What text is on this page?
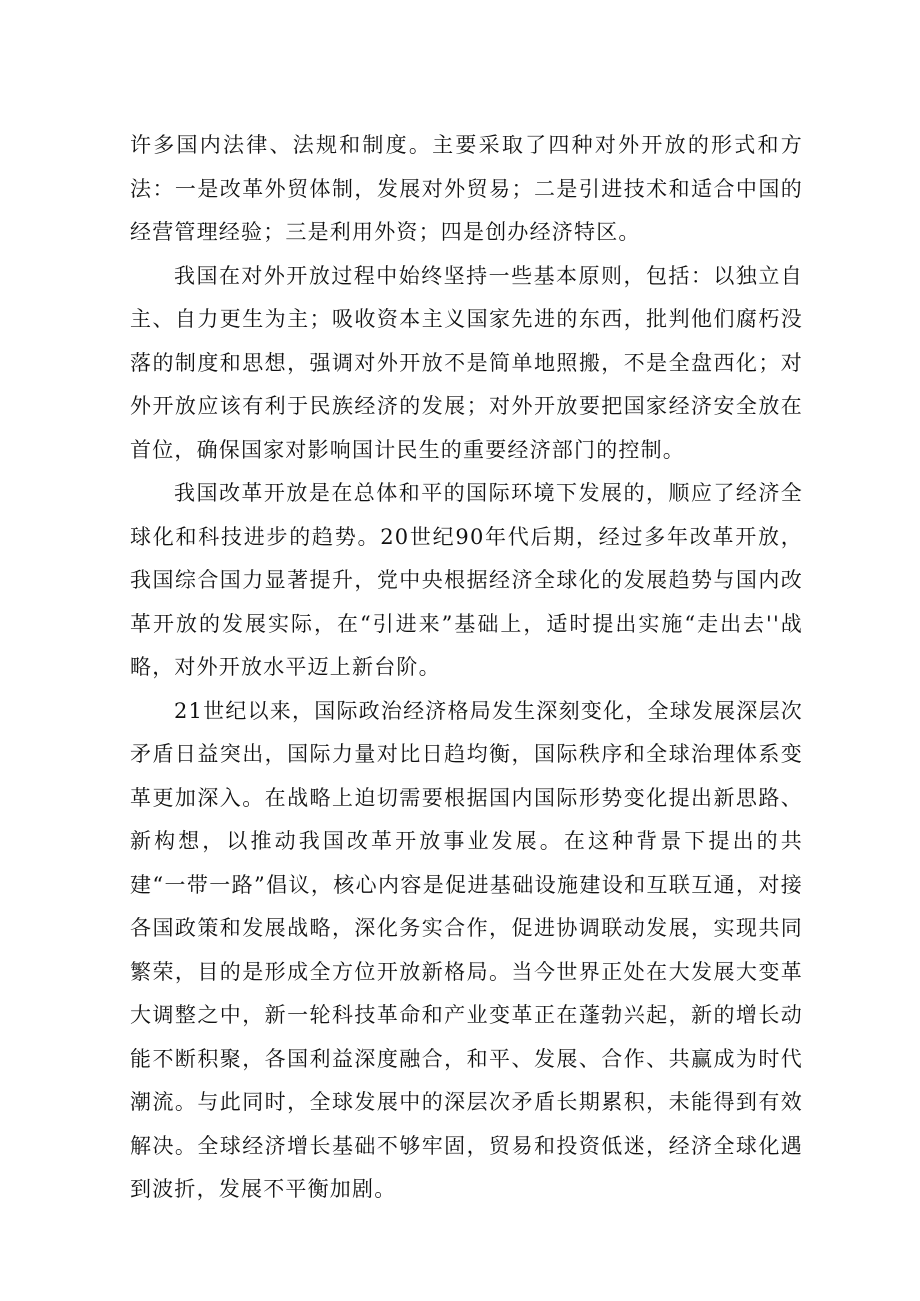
许多国内法律、法规和制度。主要采取了四种对外开放的形式和方法：一是改革外贸体制，发展对外贸易；二是引进技术和适合中国的经营管理经验；三是利用外资；四是创办经济特区。

我国在对外开放过程中始终坚持一些基本原则，包括：以独立自主、自力更生为主；吸收资本主义国家先进的东西，批判他们腐朽没落的制度和思想，强调对外开放不是简单地照搬，不是全盘西化；对外开放应该有利于民族经济的发展；对外开放要把国家经济安全放在首位，确保国家对影响国计民生的重要经济部门的控制。

我国改革开放是在总体和平的国际环境下发展的，顺应了经济全球化和科技进步的趋势。20世纪90年代后期，经过多年改革开放，我国综合国力显著提升，党中央根据经济全球化的发展趋势与国内改革开放的发展实际，在“引进来”基础上，适时提出实施“走出去''战略，对外开放水平迈上新台阶。

21世纪以来，国际政治经济格局发生深刻变化，全球发展深层次矛盾日益突出，国际力量对比日趋均衡，国际秩序和全球治理体系变革更加深入。在战略上迫切需要根据国内国际形势变化提出新思路、新构想，以推动我国改革开放事业发展。在这种背景下提出的共建“一带一路”倡议，核心内容是促进基础设施建设和互联互通，对接各国政策和发展战略，深化务实合作，促进协调联动发展，实现共同繁荣，目的是形成全方位开放新格局。当今世界正处在大发展大变革大调整之中，新一轮科技革命和产业变革正在蓬勃兴起，新的增长动能不断积聚，各国利益深度融合，和平、发展、合作、共赢成为时代潮流。与此同时，全球发展中的深层次矛盾长期累积，未能得到有效解决。全球经济增长基础不够牢固，贸易和投资低迷，经济全球化遇到波折，发展不平衡加剧。
